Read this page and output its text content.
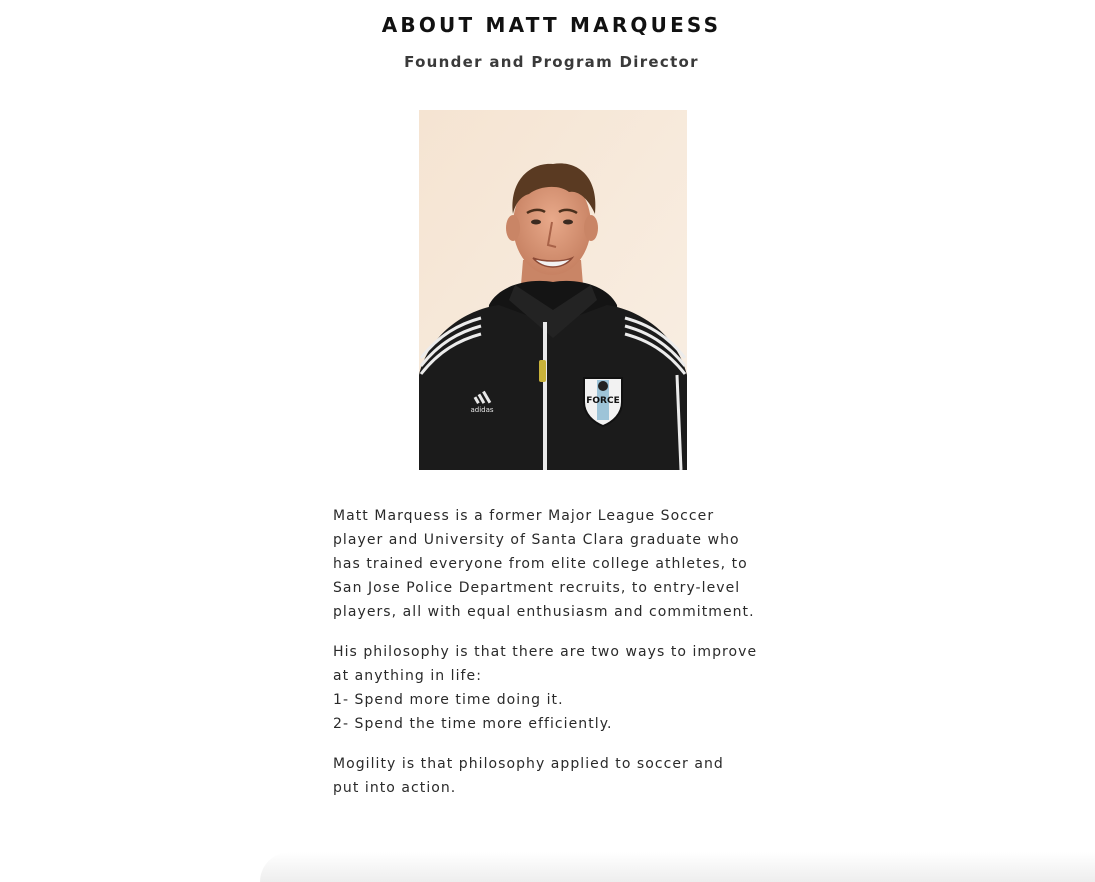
ABOUT MATT MARQUESS
Founder and Program Director
adidas
FORCE

Matt Marquess is a former Major League Soccer
player and University of Santa Clara graduate who
has trained everyone from elite college athletes, to
San Jose Police Department recruits, to entry-level
players, all with equal enthusiasm and commitment.

His philosophy is that there are two ways to improve
at anything in life:
1- Spend more time doing it.
2- Spend the time more efficiently.

Mogility is that philosophy applied to soccer and
put into action.
